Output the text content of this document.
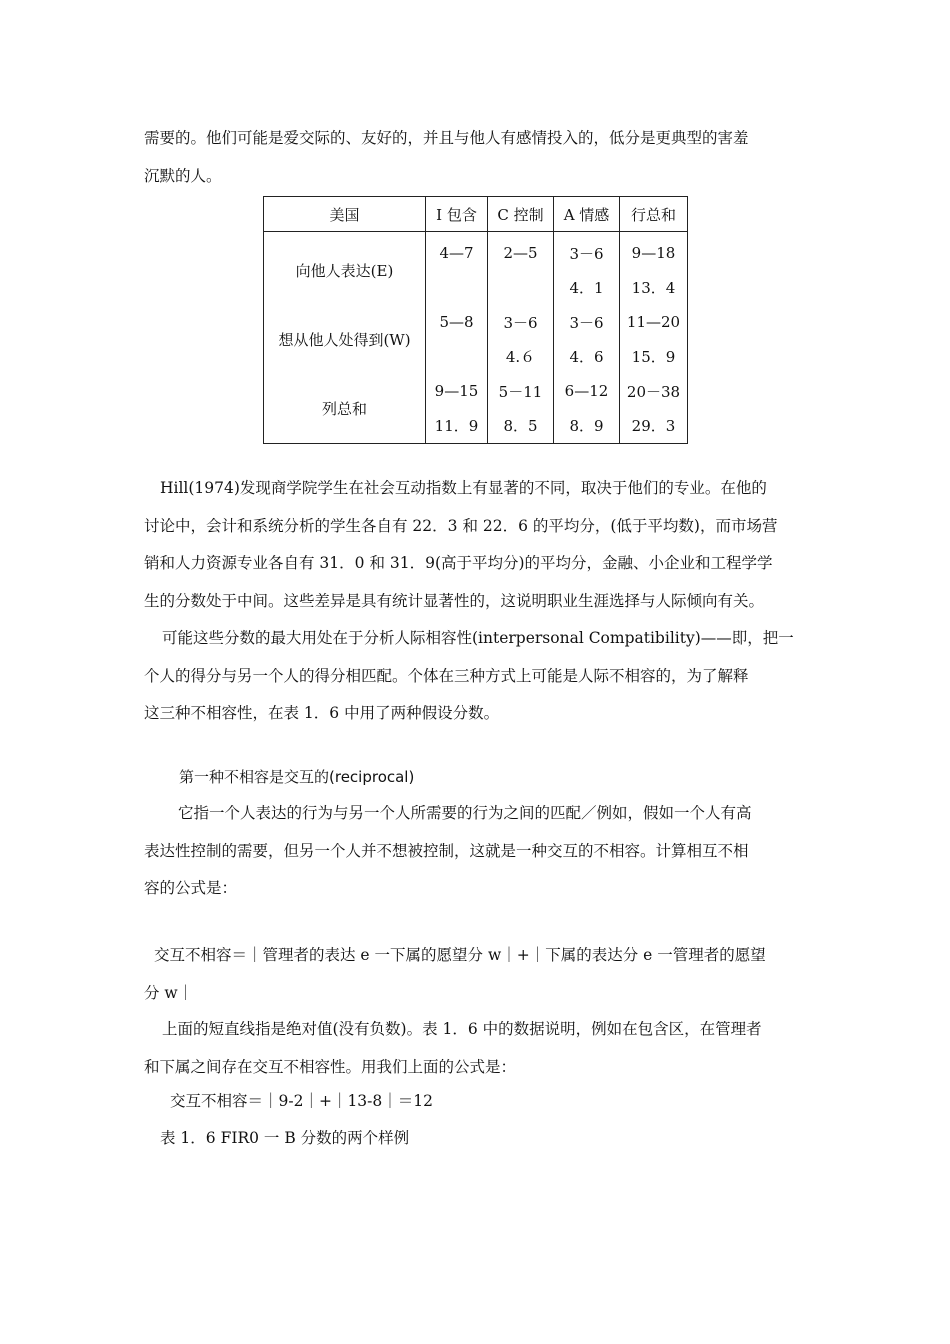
需要的。他们可能是爱交际的、友好的，并且与他人有感情投入的，低分是更典型的害羞

沉默的人。

美国	I 包含	C 控制	A 情感	行总和
向他人表达(E)	4—7	2—5	3－6	9—18
			4．1	13．4
想从他人处得到(W)	5—8	3－6	3－6	11—20
		4.６	4．6	15．9
列总和	9—15	5－11	6—12	20－38
	11．9	8．5	8．9	29．3

Hill(1974)发现商学院学生在社会互动指数上有显著的不同，取决于他们的专业。在他的

讨论中，会计和系统分析的学生各自有 22．3 和 22．6 的平均分，(低于平均数)，而市场营

销和人力资源专业各自有 31．0 和 31．9(高于平均分)的平均分，金融、小企业和工程学学

生的分数处于中间。这些差异是具有统计显著性的，这说明职业生涯选择与人际倾向有关。

可能这些分数的最大用处在于分析人际相容性(interpersonal Compatibility)——即，把一

个人的得分与另一个人的得分相匹配。个体在三种方式上可能是人际不相容的，为了解释

这三种不相容性，在表 1．6 中用了两种假设分数。

第一种不相容是交互的(reciprocal)

它指一个人表达的行为与另一个人所需要的行为之间的匹配／例如，假如一个人有高

表达性控制的需要，但另一个人并不想被控制，这就是一种交互的不相容。计算相互不相

容的公式是：

交互不相容＝｜管理者的表达 e 一下属的愿望分 w｜+｜下属的表达分 e 一管理者的愿望

分 w｜

上面的短直线指是绝对值(没有负数)。表 1．6 中的数据说明，例如在包含区，在管理者

和下属之间存在交互不相容性。用我们上面的公式是：

交互不相容＝｜9-2｜+｜13-8｜＝12
表 1．6 FIR0 一 B 分数的两个样例
